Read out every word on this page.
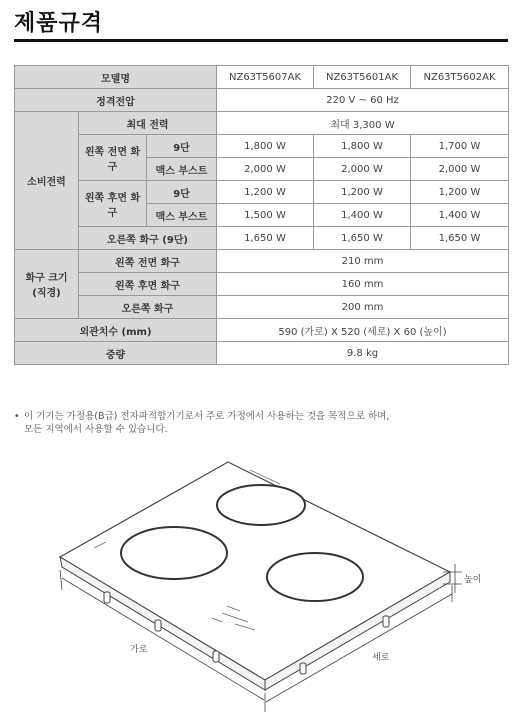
제품규격
모델명			NZ63T5607AK	NZ63T5601AK	NZ63T5602AK
정격전압			220 V ~ 60 Hz		
소비전력	최대 전력		최대 3,300 W		
	왼쪽 전면 화구	9단	1,800 W	1,800 W	1,700 W
		맥스 부스트	2,000 W	2,000 W	2,000 W
	왼쪽 후면 화구	9단	1,200 W	1,200 W	1,200 W
		맥스 부스트	1,500 W	1,400 W	1,400 W
	오른쪽 화구 (9단)		1,650 W	1,650 W	1,650 W
화구 크기 (직경)	왼쪽 전면 화구		210 mm		
	왼쪽 후면 화구		160 mm		
	오른쪽 화구		200 mm		
외관치수 (mm)			590 (가로) X 520 (세로) X 60 (높이)		
중량			9.8 kg		
• 이 기기는 가정용(B급) 전자파적합기기로서 주로 가정에서 사용하는 것을 목적으로 하며,
모든 지역에서 사용할 수 있습니다.
가로
세로
높이
